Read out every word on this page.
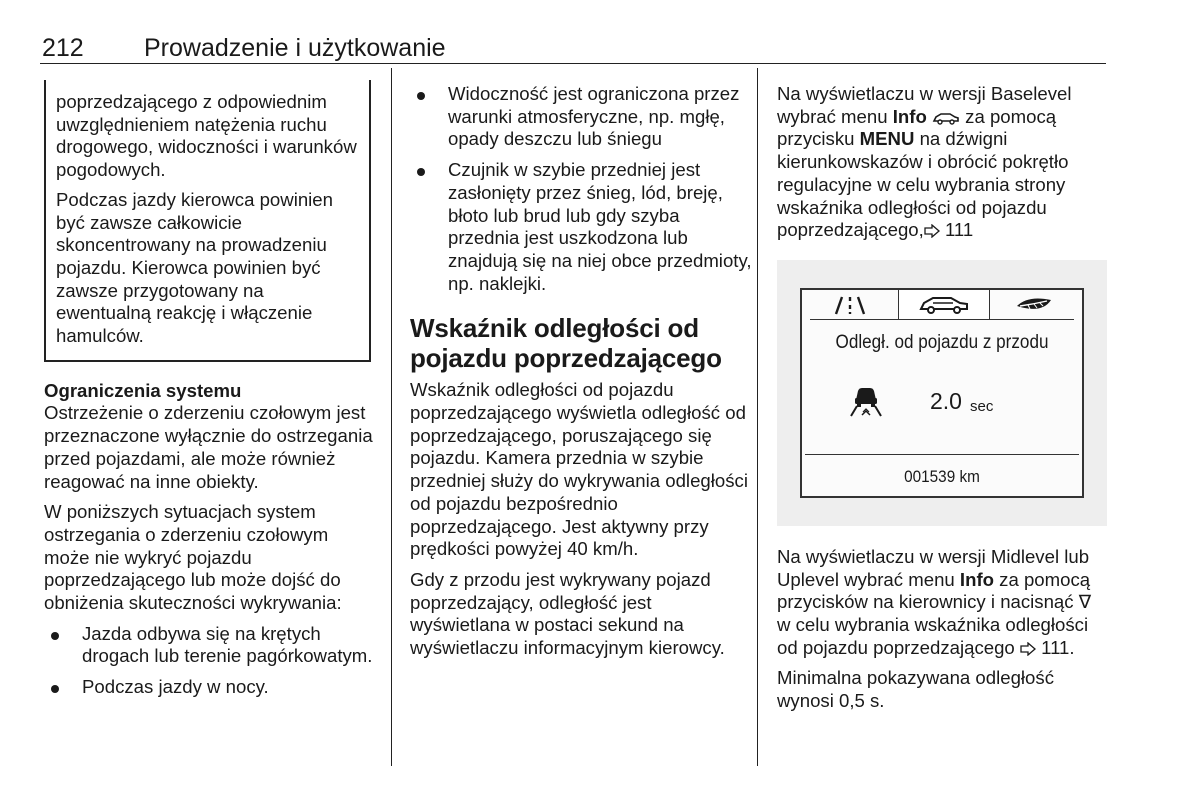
212 Prowadzenie i użytkowanie

poprzedzającego z odpowiednim uwzględnieniem natężenia ruchu drogowego, widoczności i warunków pogodowych.

Podczas jazdy kierowca powinien być zawsze całkowicie skoncentrowany na prowadzeniu pojazdu. Kierowca powinien być zawsze przygotowany na ewentualną reakcję i włączenie hamulców.

Ograniczenia systemu

Ostrzeżenie o zderzeniu czołowym jest przeznaczone wyłącznie do ostrzegania przed pojazdami, ale może również reagować na inne obiekty.

W poniższych sytuacjach system ostrzegania o zderzeniu czołowym może nie wykryć pojazdu poprzedzającego lub może dojść do obniżenia skuteczności wykrywania:

Jazda odbywa się na krętych drogach lub terenie pagórkowatym.
Podczas jazdy w nocy.
Widoczność jest ograniczona przez warunki atmosferyczne, np. mgłę, opady deszczu lub śniegu
Czujnik w szybie przedniej jest zasłonięty przez śnieg, lód, breję, błoto lub brud lub gdy szyba przednia jest uszkodzona lub znajdują się na niej obce przedmioty, np. naklejki.
Wskaźnik odległości od pojazdu poprzedzającego

Wskaźnik odległości od pojazdu poprzedzającego wyświetla odległość od poprzedzającego, poruszającego się pojazdu. Kamera przednia w szybie przedniej służy do wykrywania odległości od pojazdu bezpośrednio poprzedzającego. Jest aktywny przy prędkości powyżej 40 km/h.

Gdy z przodu jest wykrywany pojazd poprzedzający, odległość jest wyświetlana w postaci sekund na wyświetlaczu informacyjnym kierowcy.

Na wyświetlaczu w wersji Baselevel wybrać menu Info  za pomocą przycisku MENU na dźwigni kierunkowskazów i obrócić pokrętło regulacyjne w celu wybrania strony wskaźnika odległości od pojazdu poprzedzającego, 111

Odległ. od pojazdu z przodu
2.0 sec
001539 km

Na wyświetlaczu w wersji Midlevel lub Uplevel wybrać menu Info za pomocą przycisków na kierownicy i nacisnąć ∇ w celu wybrania wskaźnika odległości od pojazdu poprzedzającego  111.

Minimalna pokazywana odległość wynosi 0,5 s.
